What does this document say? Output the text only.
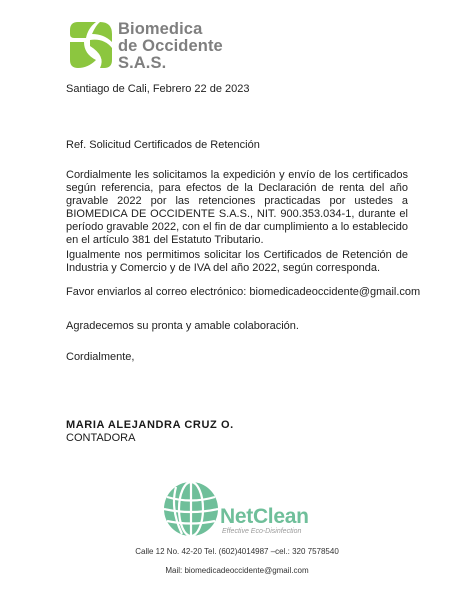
Biomedica
de Occidente
S.A.S.
Santiago de Cali, Febrero 22 de 2023
Ref. Solicitud Certificados de Retención
Cordialmente les solicitamos la expedición y envío de los certificados según referencia, para efectos de la Declaración de renta del año gravable 2022 por las retenciones practicadas por ustedes a BIOMEDICA DE OCCIDENTE S.A.S., NIT. 900.353.034-1, durante el período gravable 2022, con el fin de dar cumplimiento a lo establecido en el artículo 381 del Estatuto Tributario.
Igualmente nos permitimos solicitar los Certificados de Retención de Industria y Comercio y de IVA del año 2022, según corresponda.
Favor enviarlos al correo electrónico: biomedicadeoccidente@gmail.com
Agradecemos su pronta y amable colaboración.
Cordialmente,
MARIA ALEJANDRA CRUZ O.
CONTADORA
NetClean
Effective Eco-Disinfection
Calle 12 No. 42-20 Tel. (602)4014987 –cel.: 320 7578540
Mail: biomedicadeoccidente@gmail.com
